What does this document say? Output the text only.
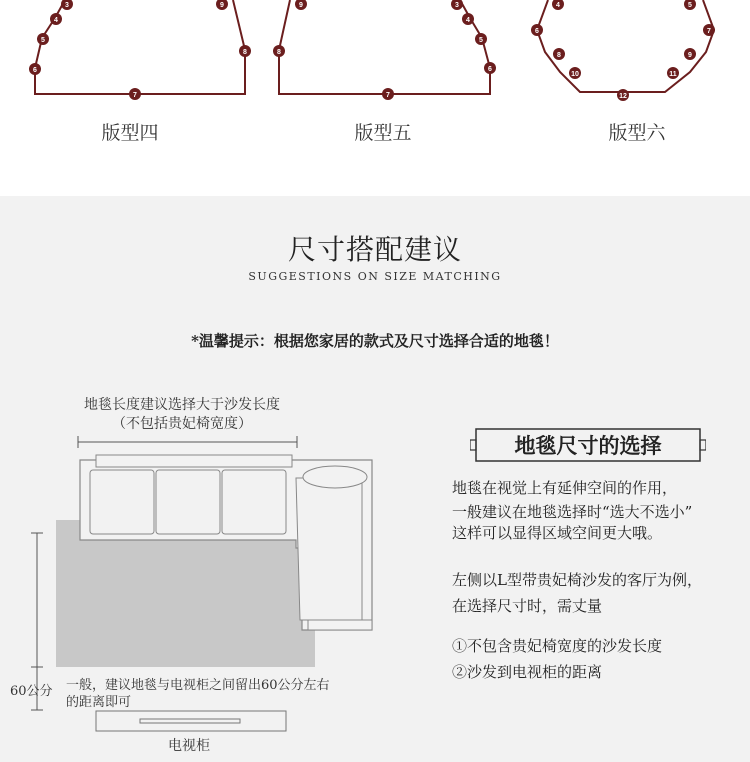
3
4
5
6
7
8
9	9
8
7
6
5
4
3	4	5
6	7
8	9
10	11
12
版型四	版型五	版型六
尺寸搭配建议
SUGGESTIONS ON SIZE MATCHING
*温馨提示：根据您家居的款式及尺寸选择合适的地毯！
地毯长度建议选择大于沙发长度
（不包括贵妃椅宽度）
60公分 一般，建议地毯与电视柜之间留出60公分左右
的距离即可
电视柜
地毯尺寸的选择
地毯在视觉上有延伸空间的作用，
一般建议在地毯选择时“选大不选小”
这样可以显得区域空间更大哦。
左侧以L型带贵妃椅沙发的客厅为例，
在选择尺寸时，需丈量
①不包含贵妃椅宽度的沙发长度
②沙发到电视柜的距离
